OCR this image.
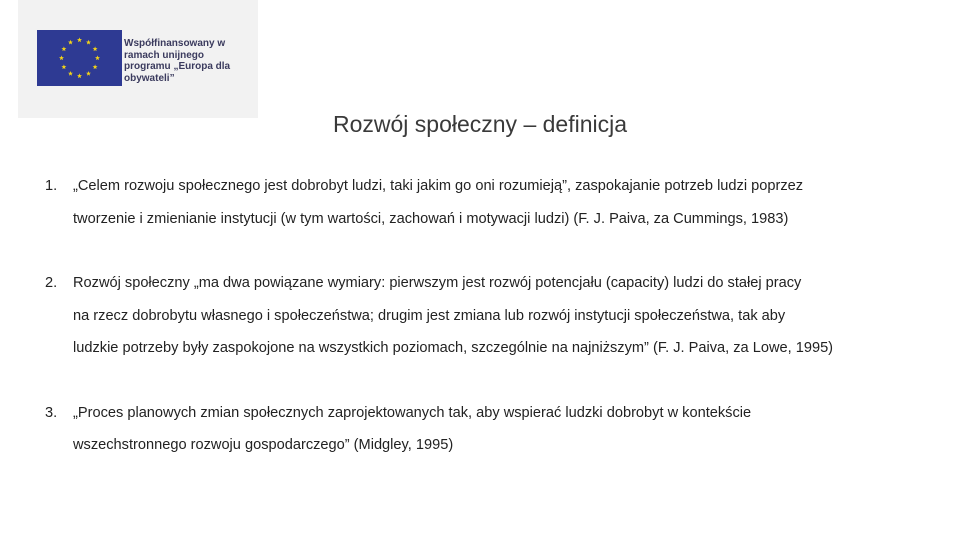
Współfinansowany w
ramach unijnego
programu „Europa dla
obywateli”
Rozwój społeczny – definicja
1. „Celem rozwoju społecznego jest dobrobyt ludzi, taki jakim go oni rozumieją”, zaspokajanie potrzeb ludzi poprzez
tworzenie i zmienianie instytucji (w tym wartości, zachowań i motywacji ludzi) (F. J. Paiva, za Cummings, 1983)
2. Rozwój społeczny „ma dwa powiązane wymiary: pierwszym jest rozwój potencjału (capacity) ludzi do stałej pracy
na rzecz dobrobytu własnego i społeczeństwa; drugim jest zmiana lub rozwój instytucji społeczeństwa, tak aby
ludzkie potrzeby były zaspokojone na wszystkich poziomach, szczególnie na najniższym” (F. J. Paiva, za Lowe, 1995)
3. „Proces planowych zmian społecznych zaprojektowanych tak, aby wspierać ludzki dobrobyt w kontekście
wszechstronnego rozwoju gospodarczego” (Midgley, 1995)
